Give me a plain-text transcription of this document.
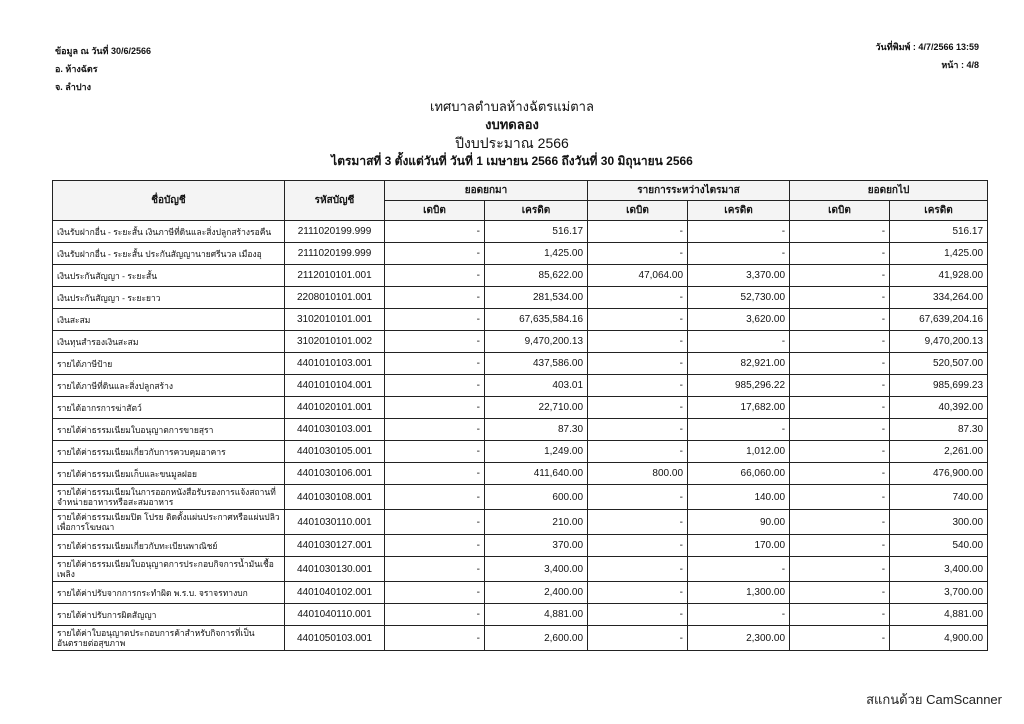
ข้อมูล ณ วันที่ 30/6/2566
อ. ห้างฉัตร
จ. ลำปาง
วันที่พิมพ์ : 4/7/2566 13:59
หน้า : 4/8
เทศบาลตำบลห้างฉัตรแม่ตาล
งบทดลอง
ปีงบประมาณ 2566
ไตรมาสที่ 3 ตั้งแต่วันที่ วันที่ 1 เมษายน 2566 ถึงวันที่ 30 มิถุนายน 2566
ชื่อบัญชี	รหัสบัญชี	ยอดยกมา		รายการระหว่างไตรมาส		ยอดยกไป	
		เดบิต	เครดิต	เดบิต	เครดิต	เดบิต	เครดิต
เงินรับฝากอื่น - ระยะสั้น เงินภาษีที่ดินและสิ่งปลูกสร้างรอคืน	2111020199.999	-	516.17	-	-	-	516.17
เงินรับฝากอื่น - ระยะสั้น ประกันสัญญานายศรีนวล เมืองอุ	2111020199.999	-	1,425.00	-	-	-	1,425.00
เงินประกันสัญญา - ระยะสั้น	2112010101.001	-	85,622.00	47,064.00	3,370.00	-	41,928.00
เงินประกันสัญญา - ระยะยาว	2208010101.001	-	281,534.00	-	52,730.00	-	334,264.00
เงินสะสม	3102010101.001	-	67,635,584.16	-	3,620.00	-	67,639,204.16
เงินทุนสำรองเงินสะสม	3102010101.002	-	9,470,200.13	-	-	-	9,470,200.13
รายได้ภาษีป้าย	4401010103.001	-	437,586.00	-	82,921.00	-	520,507.00
รายได้ภาษีที่ดินและสิ่งปลูกสร้าง	4401010104.001	-	403.01	-	985,296.22	-	985,699.23
รายได้อากรการฆ่าสัตว์	4401020101.001	-	22,710.00	-	17,682.00	-	40,392.00
รายได้ค่าธรรมเนียมใบอนุญาตการขายสุรา	4401030103.001	-	87.30	-	-	-	87.30
รายได้ค่าธรรมเนียมเกี่ยวกับการควบคุมอาคาร	4401030105.001	-	1,249.00	-	1,012.00	-	2,261.00
รายได้ค่าธรรมเนียมเก็บและขนมูลฝอย	4401030106.001	-	411,640.00	800.00	66,060.00	-	476,900.00
รายได้ค่าธรรมเนียมในการออกหนังสือรับรองการแจ้งสถานที่จำหน่ายอาหารหรือสะสมอาหาร	4401030108.001	-	600.00	-	140.00	-	740.00
รายได้ค่าธรรมเนียมปิด โปรย ติดตั้งแผ่นประกาศหรือแผ่นปลิวเพื่อการโฆษณา	4401030110.001	-	210.00	-	90.00	-	300.00
รายได้ค่าธรรมเนียมเกี่ยวกับทะเบียนพาณิชย์	4401030127.001	-	370.00	-	170.00	-	540.00
รายได้ค่าธรรมเนียมใบอนุญาตการประกอบกิจการน้ำมันเชื้อเพลิง	4401030130.001	-	3,400.00	-	-	-	3,400.00
รายได้ค่าปรับจากการกระทำผิด พ.ร.บ. จราจรทางบก	4401040102.001	-	2,400.00	-	1,300.00	-	3,700.00
รายได้ค่าปรับการผิดสัญญา	4401040110.001	-	4,881.00	-	-	-	4,881.00
รายได้ค่าใบอนุญาตประกอบการค้าสำหรับกิจการที่เป็นอันตรายต่อสุขภาพ	4401050103.001	-	2,600.00	-	2,300.00	-	4,900.00
สแกนด้วย CamScanner
